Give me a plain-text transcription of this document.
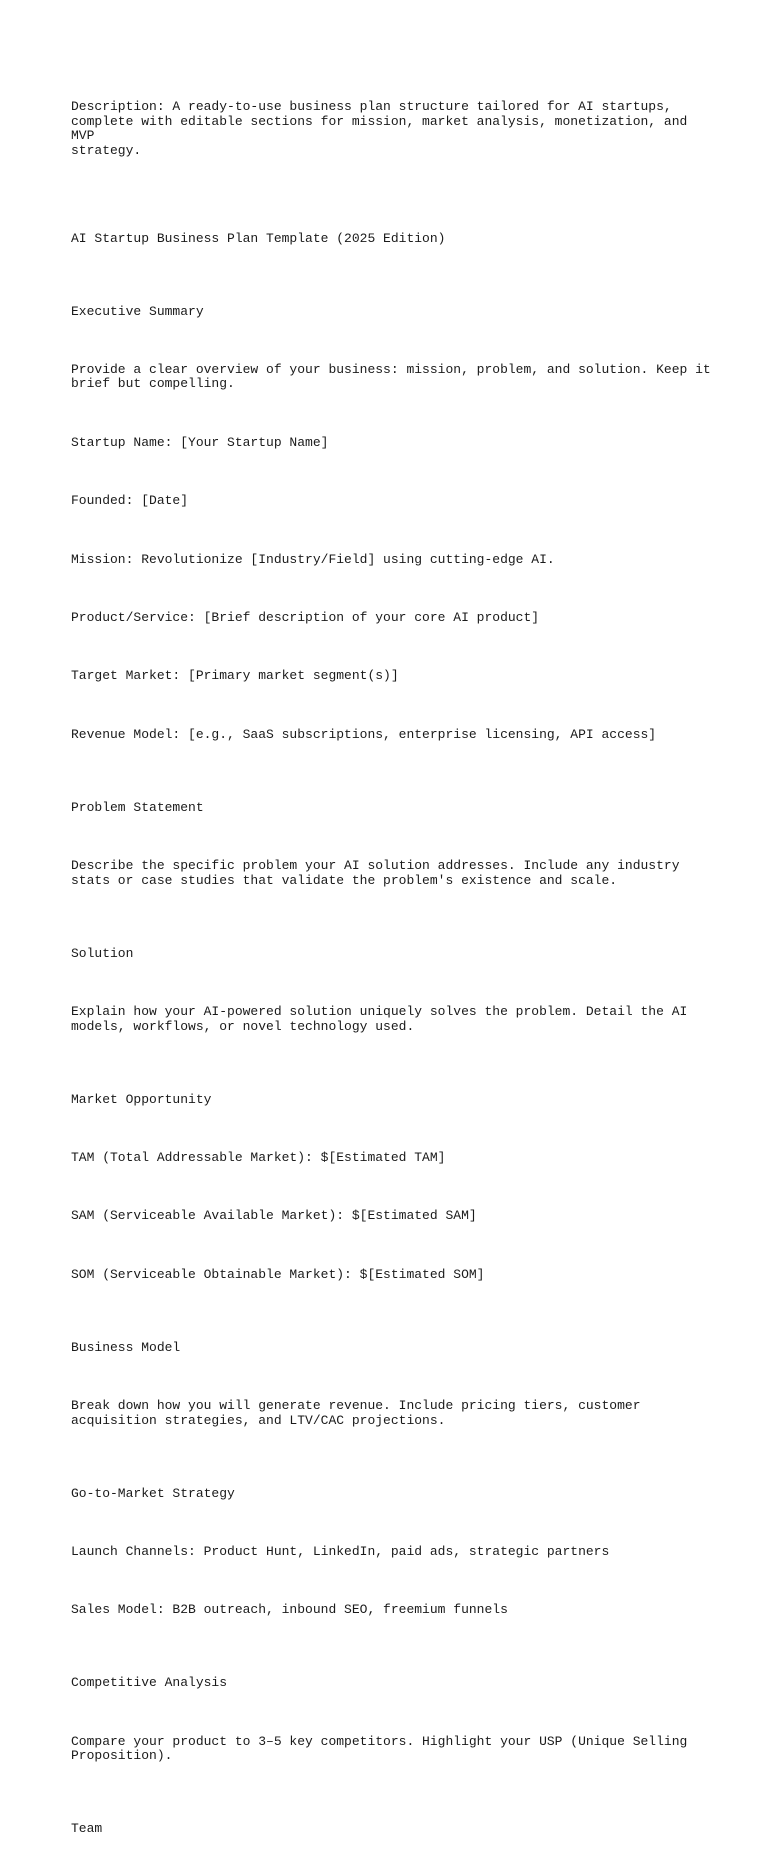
Description: A ready-to-use business plan structure tailored for AI startups,
complete with editable sections for mission, market analysis, monetization, and MVP
strategy.

AI Startup Business Plan Template (2025 Edition)

Executive Summary

Provide a clear overview of your business: mission, problem, and solution. Keep it
brief but compelling.

Startup Name: [Your Startup Name]

Founded: [Date]

Mission: Revolutionize [Industry/Field] using cutting-edge AI.

Product/Service: [Brief description of your core AI product]

Target Market: [Primary market segment(s)]

Revenue Model: [e.g., SaaS subscriptions, enterprise licensing, API access]

Problem Statement

Describe the specific problem your AI solution addresses. Include any industry
stats or case studies that validate the problem's existence and scale.

Solution

Explain how your AI-powered solution uniquely solves the problem. Detail the AI
models, workflows, or novel technology used.

Market Opportunity

TAM (Total Addressable Market): $[Estimated TAM]

SAM (Serviceable Available Market): $[Estimated SAM]

SOM (Serviceable Obtainable Market): $[Estimated SOM]

Business Model

Break down how you will generate revenue. Include pricing tiers, customer
acquisition strategies, and LTV/CAC projections.

Go-to-Market Strategy

Launch Channels: Product Hunt, LinkedIn, paid ads, strategic partners

Sales Model: B2B outreach, inbound SEO, freemium funnels

Competitive Analysis

Compare your product to 3–5 key competitors. Highlight your USP (Unique Selling
Proposition).

Team
